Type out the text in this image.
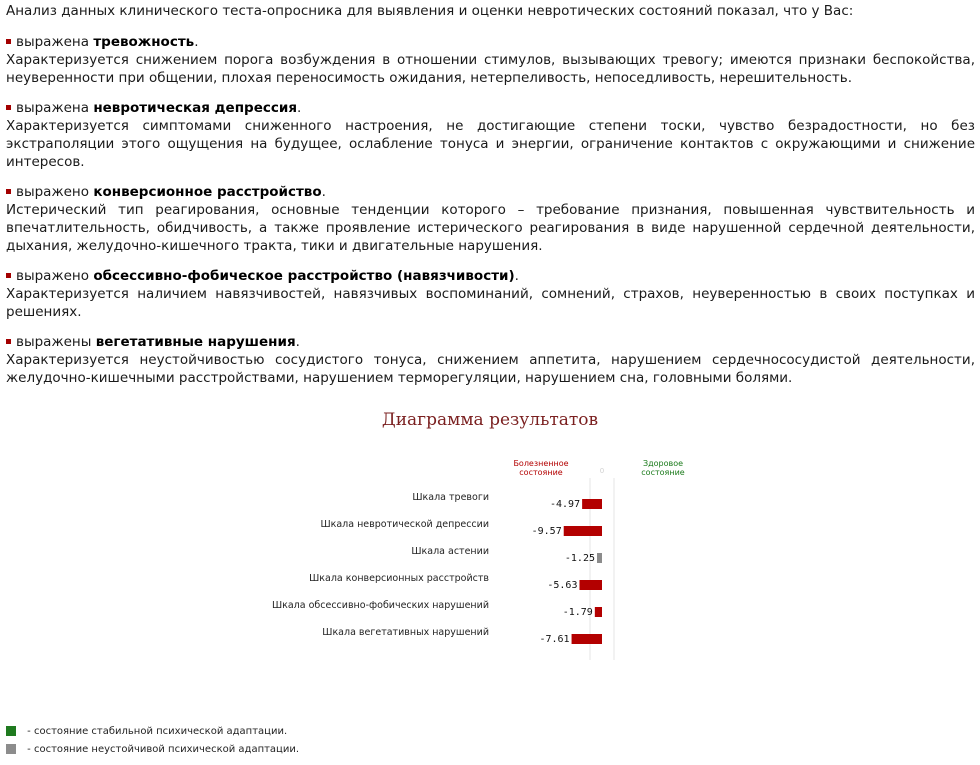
Анализ данных клинического теста-опросника для выявления и оценки невротических состояний показал, что у Вас:
выражена тревожность.
Характеризуется снижением порога возбуждения в отношении стимулов, вызывающих тревогу; имеются признаки беспокойства, неуверенности при общении, плохая переносимость ожидания, нетерпеливость, непоседливость, нерешительность.
выражена невротическая депрессия.
Характеризуется симптомами сниженного настроения, не достигающие степени тоски, чувство безрадостности, но без экстраполяции этого ощущения на будущее, ослабление тонуса и энергии, ограничение контактов с окружающими и снижение интересов.
выражено конверсионное расстройство.
Истерический тип реагирования, основные тенденции которого – требование признания, повышенная чувствительность и впечатлительность, обидчивость, а также проявление истерического реагирования в виде нарушенной сердечной деятельности, дыхания, желудочно-кишечного тракта, тики и двигательные нарушения.
выражено обсессивно-фобическое расстройство (навязчивости).
Характеризуется наличием навязчивостей, навязчивых воспоминаний, сомнений, страхов, неуверенностью в своих поступках и решениях.
выражены вегетативные нарушения.
Характеризуется неустойчивостью сосудистого тонуса, снижением аппетита, нарушением сердечнососудистой деятельности, желудочно-кишечными расстройствами, нарушением терморегуляции, нарушением сна, головными болями.
Диаграмма результатов
Болезненное
состояние
Здоровое
состояние
0
Шкала тревоги
-4.97
Шкала невротической депрессии
-9.57
Шкала астении
-1.25
Шкала конверсионных расстройств
-5.63
Шкала обсессивно-фобических нарушений
-1.79
Шкала вегетативных нарушений
-7.61
- состояние стабильной психической адаптации.
- состояние неустойчивой психической адаптации.
